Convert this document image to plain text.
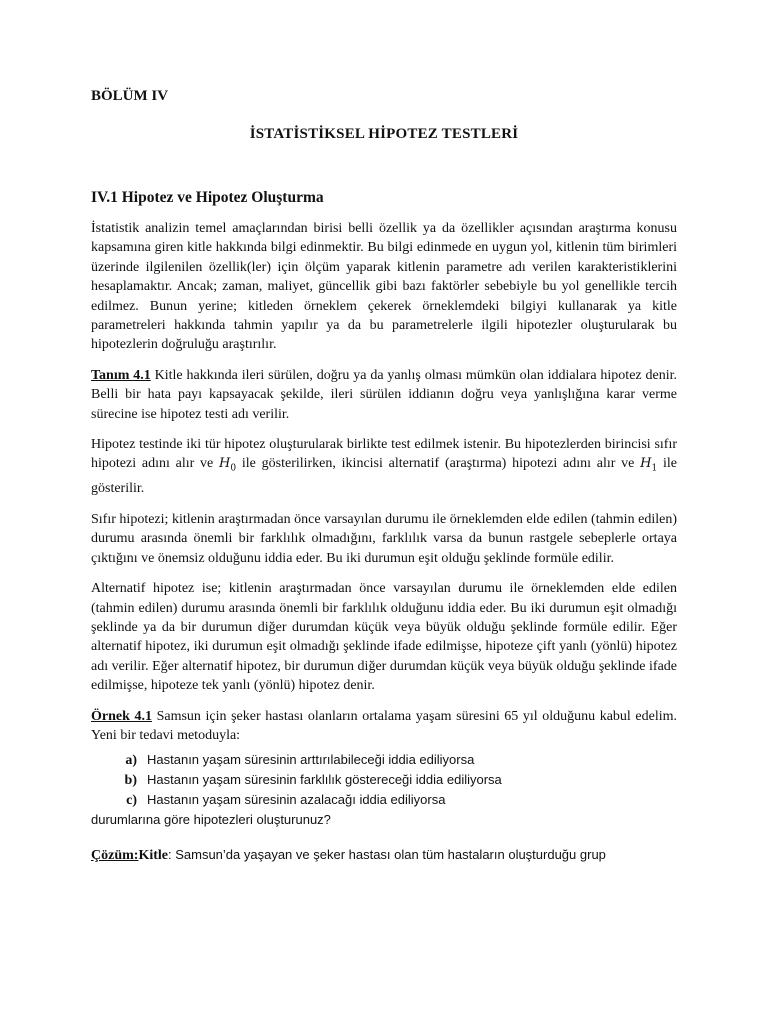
BÖLÜM IV
İSTATİSTİKSEL HİPOTEZ TESTLERİ
IV.1 Hipotez ve Hipotez Oluşturma

İstatistik analizin temel amaçlarından birisi belli özellik ya da özellikler açısından araştırma konusu kapsamına giren kitle hakkında bilgi edinmektir. Bu bilgi edinmede en uygun yol, kitlenin tüm birimleri üzerinde ilgilenilen özellik(ler) için ölçüm yaparak kitlenin parametre adı verilen karakteristiklerini hesaplamaktır. Ancak; zaman, maliyet, güncellik gibi bazı faktörler sebebiyle bu yol genellikle tercih edilmez. Bunun yerine; kitleden örneklem çekerek örneklemdeki bilgiyi kullanarak ya kitle parametreleri hakkında tahmin yapılır ya da bu parametrelerle ilgili hipotezler oluşturularak bu hipotezlerin doğruluğu araştırılır.

Tanım 4.1 Kitle hakkında ileri sürülen, doğru ya da yanlış olması mümkün olan iddialara hipotez denir. Belli bir hata payı kapsayacak şekilde, ileri sürülen iddianın doğru veya yanlışlığına karar verme sürecine ise hipotez testi adı verilir.

Hipotez testinde iki tür hipotez oluşturularak birlikte test edilmek istenir. Bu hipotezlerden birincisi sıfır hipotezi adını alır ve $H_0$ ile gösterilirken, ikincisi alternatif (araştırma) hipotezi adını alır ve $H_1$ ile gösterilir.

Sıfır hipotezi; kitlenin araştırmadan önce varsayılan durumu ile örneklemden elde edilen (tahmin edilen) durumu arasında önemli bir farklılık olmadığını, farklılık varsa da bunun rastgele sebeplerle ortaya çıktığını ve önemsiz olduğunu iddia eder. Bu iki durumun eşit olduğu şeklinde formüle edilir.

Alternatif hipotez ise; kitlenin araştırmadan önce varsayılan durumu ile örneklemden elde edilen (tahmin edilen) durumu arasında önemli bir farklılık olduğunu iddia eder. Bu iki durumun eşit olmadığı şeklinde ya da bir durumun diğer durumdan küçük veya büyük olduğu şeklinde formüle edilir. Eğer alternatif hipotez, iki durumun eşit olmadığı şeklinde ifade edilmişse, hipoteze çift yanlı (yönlü) hipotez adı verilir. Eğer alternatif hipotez, bir durumun diğer durumdan küçük veya büyük olduğu şeklinde ifade edilmişse, hipoteze tek yanlı (yönlü) hipotez denir.

Örnek 4.1 Samsun için şeker hastası olanların ortalama yaşam süresini 65 yıl olduğunu kabul edelim. Yeni bir tedavi metoduyla:

a) Hastanın yaşam süresinin arttırılabileceği iddia ediliyorsa
b) Hastanın yaşam süresinin farklılık göstereceği iddia ediliyorsa
c) Hastanın yaşam süresinin azalacağı iddia ediliyorsa

durumlarına göre hipotezleri oluşturunuz?

Çözüm:Kitle: Samsun’da yaşayan ve şeker hastası olan tüm hastaların oluşturduğu grup
